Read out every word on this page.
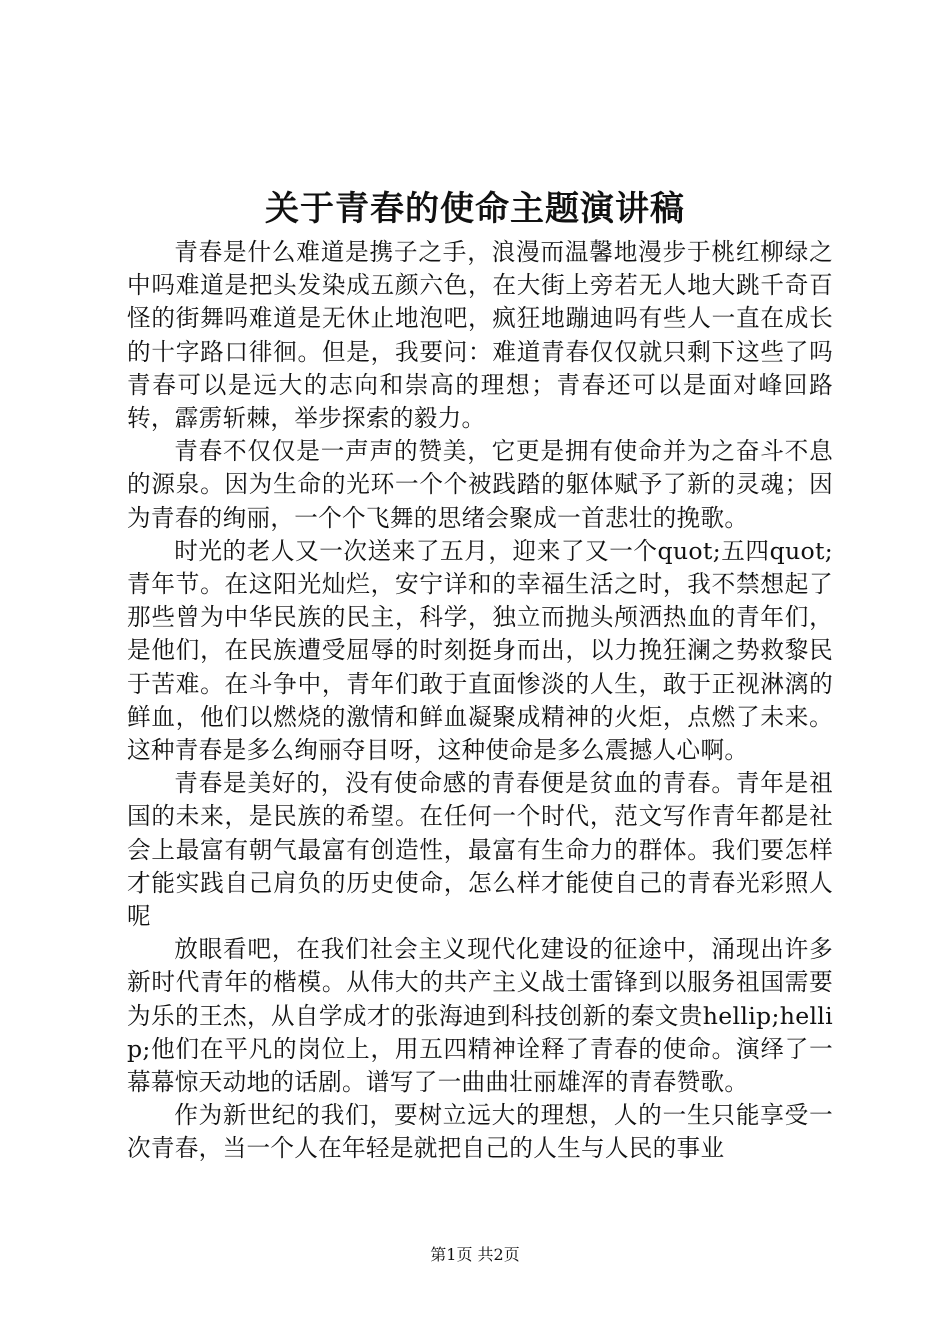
关于青春的使命主题演讲稿

青春是什么难道是携子之手，浪漫而温馨地漫步于桃红柳绿之中吗难道是把头发染成五颜六色，在大街上旁若无人地大跳千奇百怪的街舞吗难道是无休止地泡吧，疯狂地蹦迪吗有些人一直在成长的十字路口徘徊。但是，我要问：难道青春仅仅就只剩下这些了吗青春可以是远大的志向和崇高的理想；青春还可以是面对峰回路转，霹雳斩棘，举步探索的毅力。

青春不仅仅是一声声的赞美，它更是拥有使命并为之奋斗不息的源泉。因为生命的光环一个个被践踏的躯体赋予了新的灵魂；因为青春的绚丽，一个个飞舞的思绪会聚成一首悲壮的挽歌。

时光的老人又一次送来了五月，迎来了又一个quot;五四quot;青年节。在这阳光灿烂，安宁详和的幸福生活之时，我不禁想起了那些曾为中华民族的民主，科学，独立而抛头颅洒热血的青年们，是他们，在民族遭受屈辱的时刻挺身而出，以力挽狂澜之势救黎民于苦难。在斗争中，青年们敢于直面惨淡的人生，敢于正视淋漓的鲜血，他们以燃烧的激情和鲜血凝聚成精神的火炬，点燃了未来。这种青春是多么绚丽夺目呀，这种使命是多么震撼人心啊。

青春是美好的，没有使命感的青春便是贫血的青春。青年是祖国的未来，是民族的希望。在任何一个时代，范文写作青年都是社会上最富有朝气最富有创造性，最富有生命力的群体。我们要怎样才能实践自己肩负的历史使命，怎么样才能使自己的青春光彩照人呢

放眼看吧，在我们社会主义现代化建设的征途中，涌现出许多新时代青年的楷模。从伟大的共产主义战士雷锋到以服务祖国需要为乐的王杰，从自学成才的张海迪到科技创新的秦文贵hellip;hellip;他们在平凡的岗位上，用五四精神诠释了青春的使命。演绎了一幕幕惊天动地的话剧。谱写了一曲曲壮丽雄浑的青春赞歌。

作为新世纪的我们，要树立远大的理想，人的一生只能享受一次青春，当一个人在年轻是就把自己的人生与人民的事业

第1页 共2页
